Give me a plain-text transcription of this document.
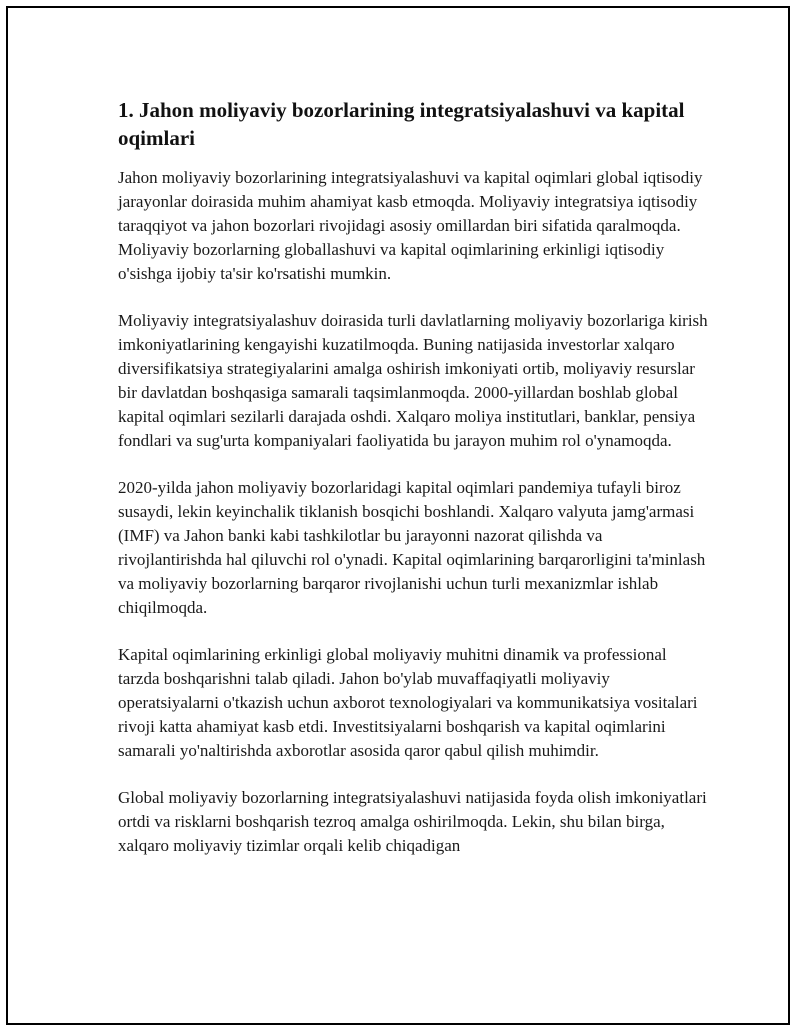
1. Jahon moliyaviy bozorlarining integratsiyalashuvi va kapital oqimlari

Jahon moliyaviy bozorlarining integratsiyalashuvi va kapital oqimlari global iqtisodiy jarayonlar doirasida muhim ahamiyat kasb etmoqda. Moliyaviy integratsiya iqtisodiy taraqqiyot va jahon bozorlari rivojidagi asosiy omillardan biri sifatida qaralmoqda. Moliyaviy bozorlarning globallashuvi va kapital oqimlarining erkinligi iqtisodiy o'sishga ijobiy ta'sir ko'rsatishi mumkin.

Moliyaviy integratsiyalashuv doirasida turli davlatlarning moliyaviy bozorlariga kirish imkoniyatlarining kengayishi kuzatilmoqda. Buning natijasida investorlar xalqaro diversifikatsiya strategiyalarini amalga oshirish imkoniyati ortib, moliyaviy resurslar bir davlatdan boshqasiga samarali taqsimlanmoqda. 2000-yillardan boshlab global kapital oqimlari sezilarli darajada oshdi. Xalqaro moliya institutlari, banklar, pensiya fondlari va sug'urta kompaniyalari faoliyatida bu jarayon muhim rol o'ynamoqda.

2020-yilda jahon moliyaviy bozorlaridagi kapital oqimlari pandemiya tufayli biroz susaydi, lekin keyinchalik tiklanish bosqichi boshlandi. Xalqaro valyuta jamg'armasi (IMF) va Jahon banki kabi tashkilotlar bu jarayonni nazorat qilishda va rivojlantirishda hal qiluvchi rol o'ynadi. Kapital oqimlarining barqarorligini ta'minlash va moliyaviy bozorlarning barqaror rivojlanishi uchun turli mexanizmlar ishlab chiqilmoqda.

Kapital oqimlarining erkinligi global moliyaviy muhitni dinamik va professional tarzda boshqarishni talab qiladi. Jahon bo'ylab muvaffaqiyatli moliyaviy operatsiyalarni o'tkazish uchun axborot texnologiyalari va kommunikatsiya vositalari rivoji katta ahamiyat kasb etdi. Investitsiyalarni boshqarish va kapital oqimlarini samarali yo'naltirishda axborotlar asosida qaror qabul qilish muhimdir.

Global moliyaviy bozorlarning integratsiyalashuvi natijasida foyda olish imkoniyatlari ortdi va risklarni boshqarish tezroq amalga oshirilmoqda. Lekin, shu bilan birga, xalqaro moliyaviy tizimlar orqali kelib chiqadigan
